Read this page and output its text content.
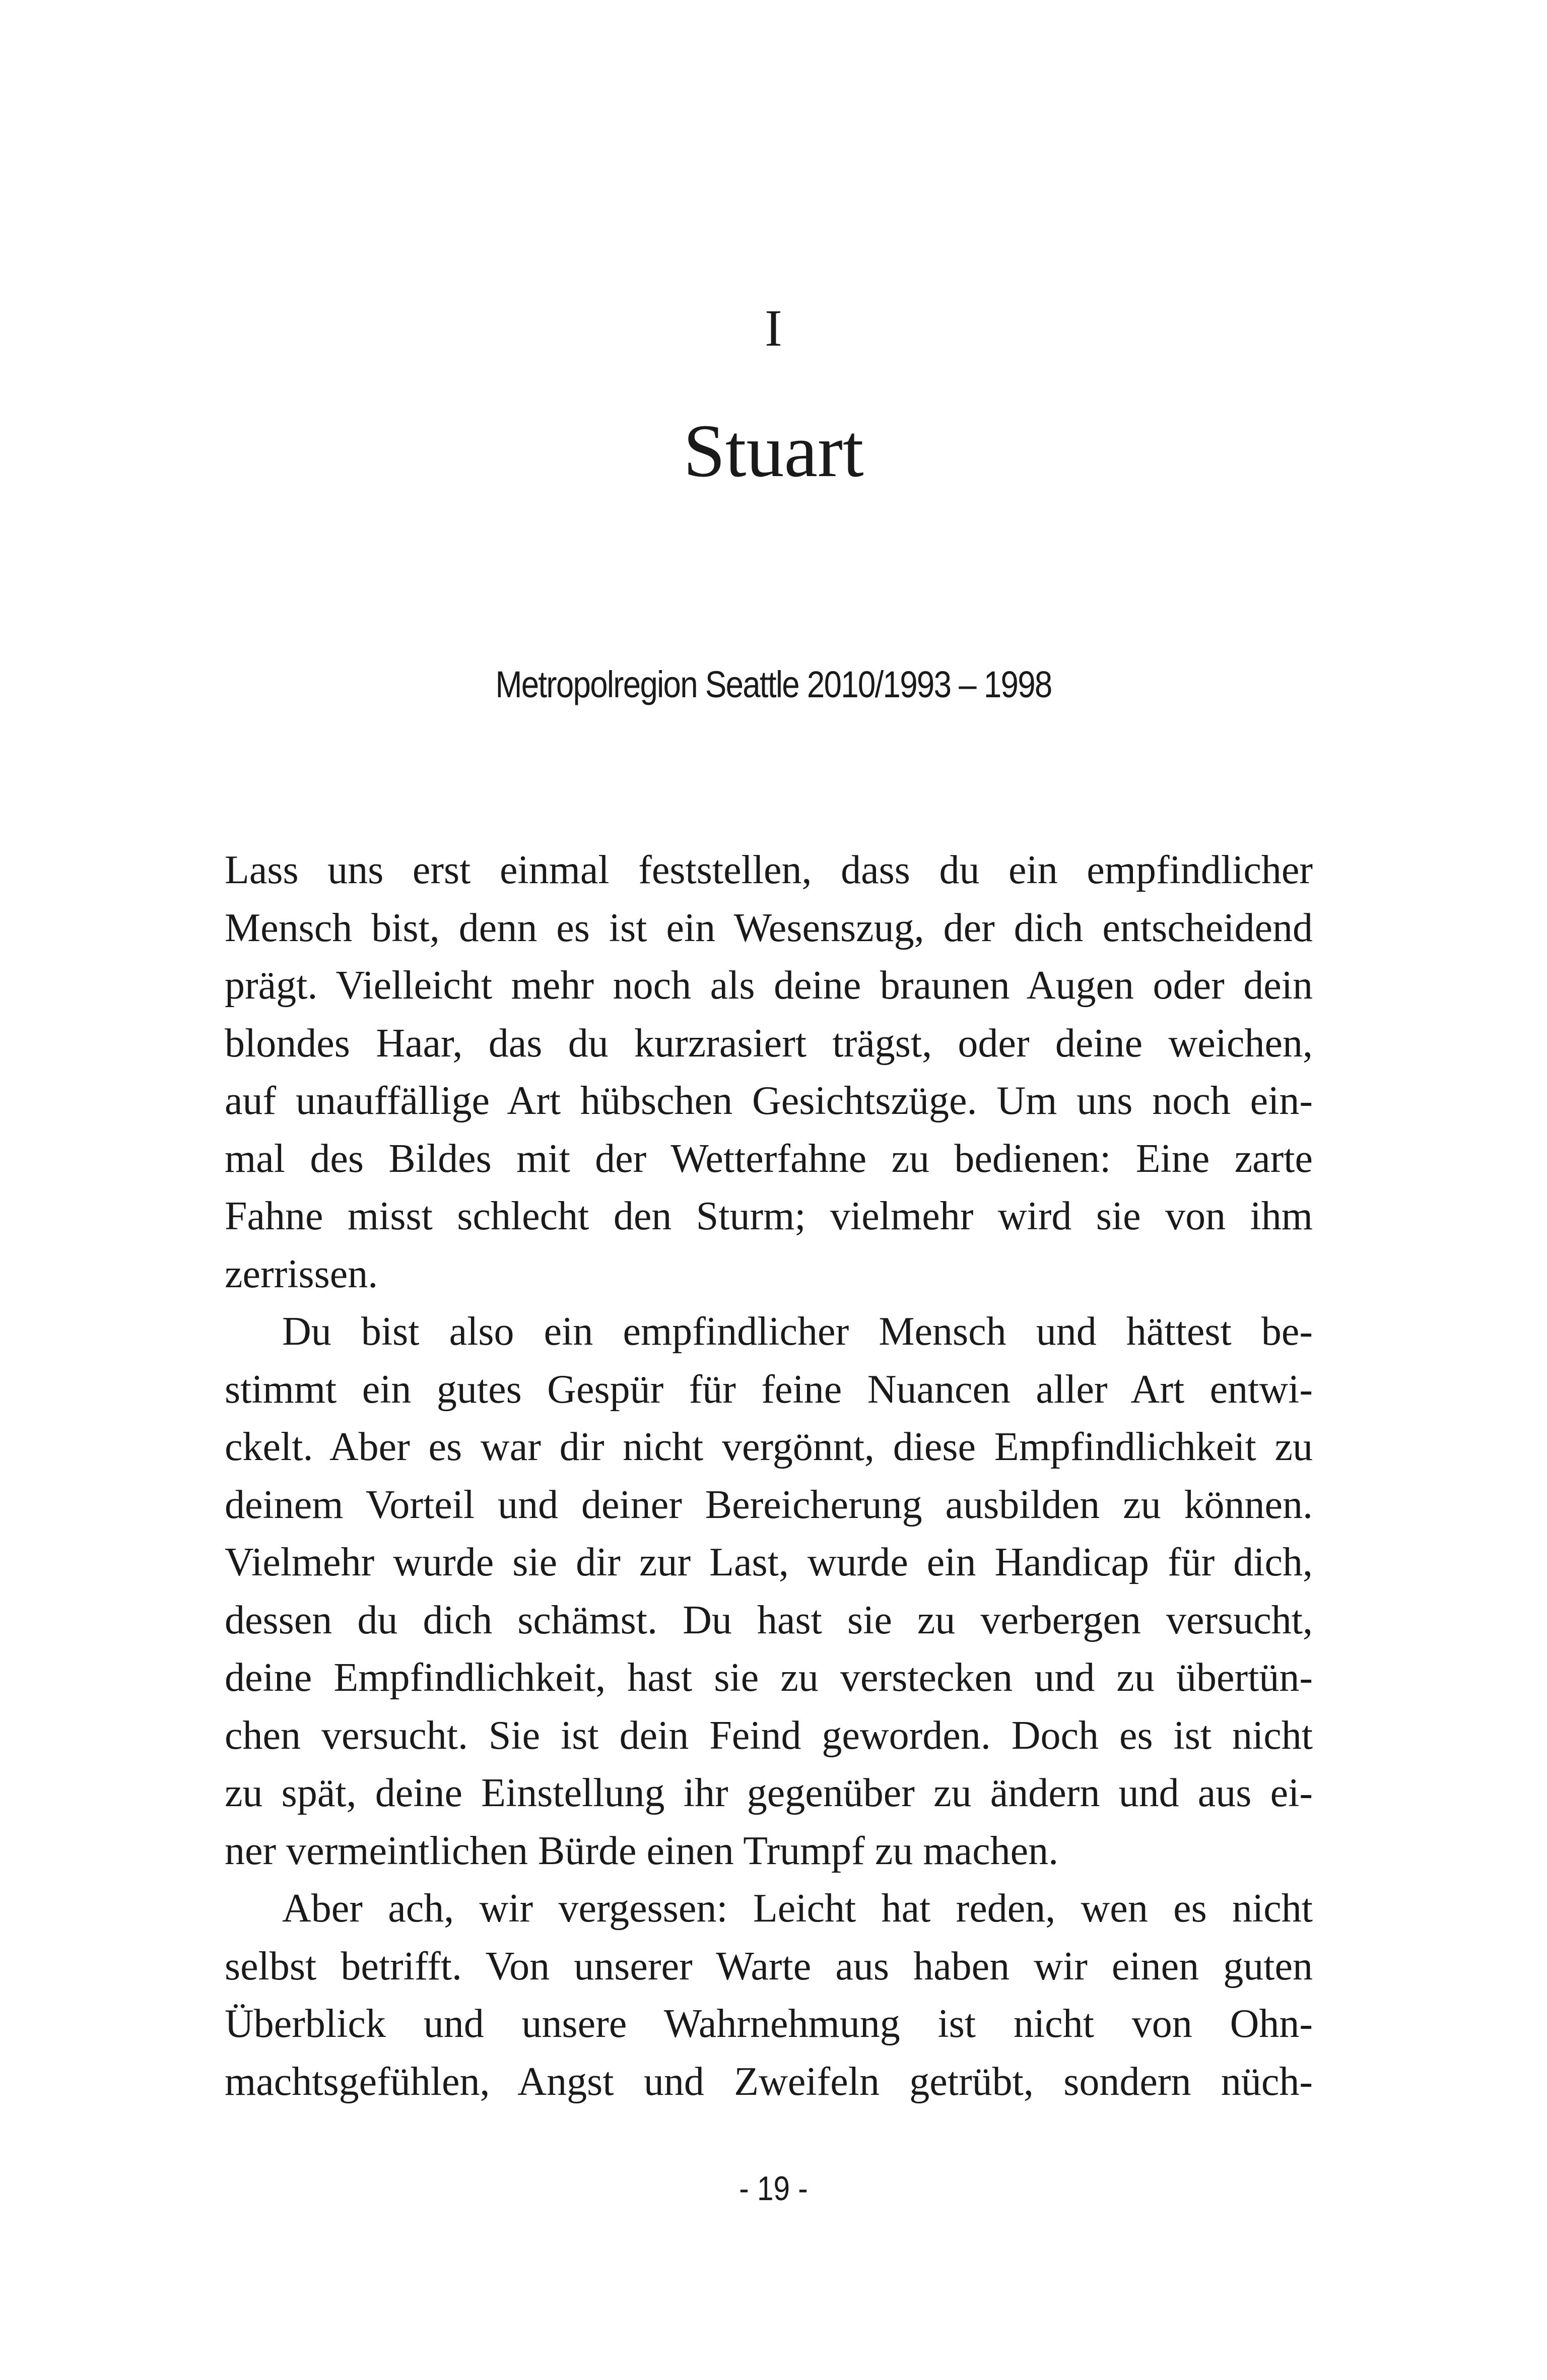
I
Stuart
Metropolregion Seattle 2010/1993 – 1998

Lass uns erst einmal feststellen, dass du ein empfindlicher
Mensch bist, denn es ist ein Wesenszug, der dich entscheidend
prägt. Vielleicht mehr noch als deine braunen Augen oder dein
blondes Haar, das du kurzrasiert trägst, oder deine weichen,
auf unauffällige Art hübschen Gesichtszüge. Um uns noch ein-
mal des Bildes mit der Wetterfahne zu bedienen: Eine zarte
Fahne misst schlecht den Sturm; vielmehr wird sie von ihm
zerrissen.

Du bist also ein empfindlicher Mensch und hättest be-
stimmt ein gutes Gespür für feine Nuancen aller Art entwi-
ckelt. Aber es war dir nicht vergönnt, diese Empfindlichkeit zu
deinem Vorteil und deiner Bereicherung ausbilden zu können.
Vielmehr wurde sie dir zur Last, wurde ein Handicap für dich,
dessen du dich schämst. Du hast sie zu verbergen versucht,
deine Empfindlichkeit, hast sie zu verstecken und zu übertün-
chen versucht. Sie ist dein Feind geworden. Doch es ist nicht
zu spät, deine Einstellung ihr gegenüber zu ändern und aus ei-
ner vermeintlichen Bürde einen Trumpf zu machen.

Aber ach, wir vergessen: Leicht hat reden, wen es nicht
selbst betrifft. Von unserer Warte aus haben wir einen guten
Überblick und unsere Wahrnehmung ist nicht von Ohn-
machtsgefühlen, Angst und Zweifeln getrübt, sondern nüch-

- 19 -
